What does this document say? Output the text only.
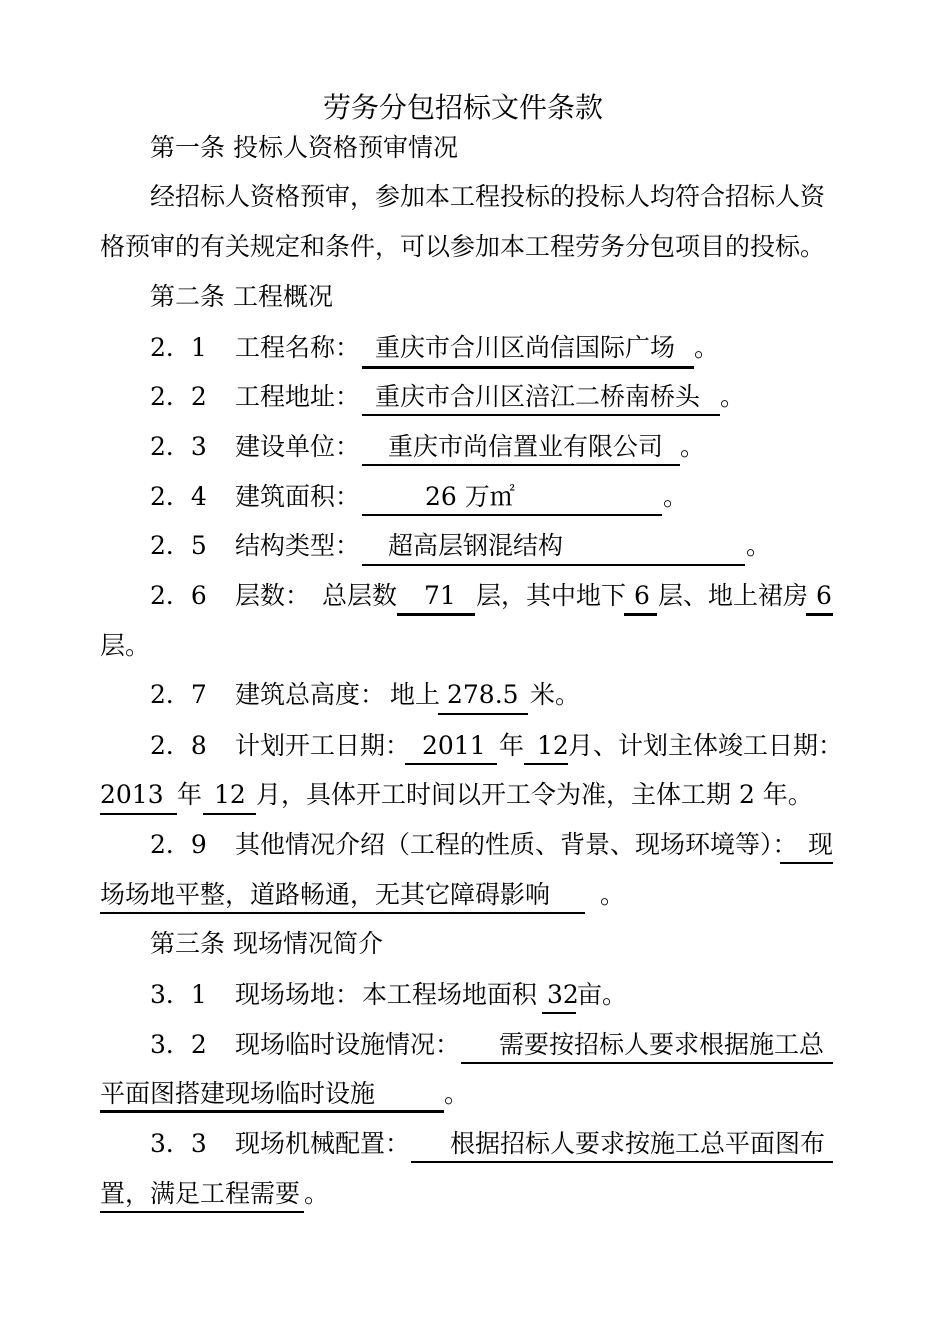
劳务分包招标文件条款
第一条 投标人资格预审情况
经招标人资格预审，参加本工程投标的投标人均符合招标人资
格预审的有关规定和条件，可以参加本工程劳务分包项目的投标。
第二条 工程概况
2．1 工程名称： 重庆市合川区尚信国际广场 。
2．2 工程地址： 重庆市合川区涪江二桥南桥头 。
2．3 建设单位： 重庆市尚信置业有限公司 。
2．4 建筑面积：	26 万㎡	。
2．5 结构类型： 超高层钢混结构	。
2．6 层数： 总层数 71 层，其中地下 6 层、地上裙房 6
层。
2．7 建筑总高度： 地上 278.5 米。
2．8 计划开工日期： 2011 年 12 月、计划主体竣工日期：
2013 年 12 月，具体开工时间以开工令为准，主体工期 2 年。
2．9 其他情况介绍（工程的性质、背景、现场环境等）： 现
场场地平整，道路畅通，无其它障碍影响 。
第三条 现场情况简介
3．1 现场场地： 本工程场地面积 32
亩。
3．2 现场临时设施情况： 需要按招标人要求根据施工总
平面图搭建现场临时设施	。
3．3 现场机械配置： 根据招标人要求按施工总平面图布
置，满足工程需要 。
